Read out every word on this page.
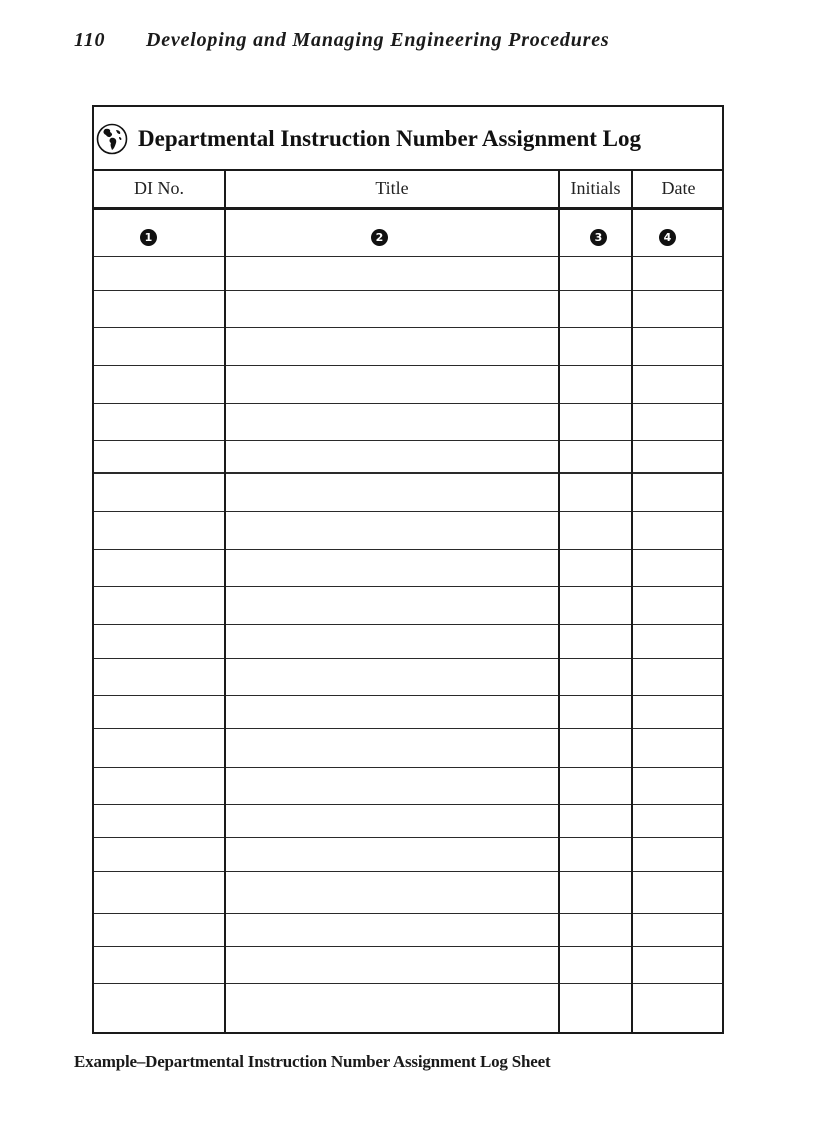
110 Developing and Managing Engineering Procedures
Departmental Instruction Number Assignment Log
DI No.	Title	Initials	Date
1	2	3	4
Example–Departmental Instruction Number Assignment Log Sheet
